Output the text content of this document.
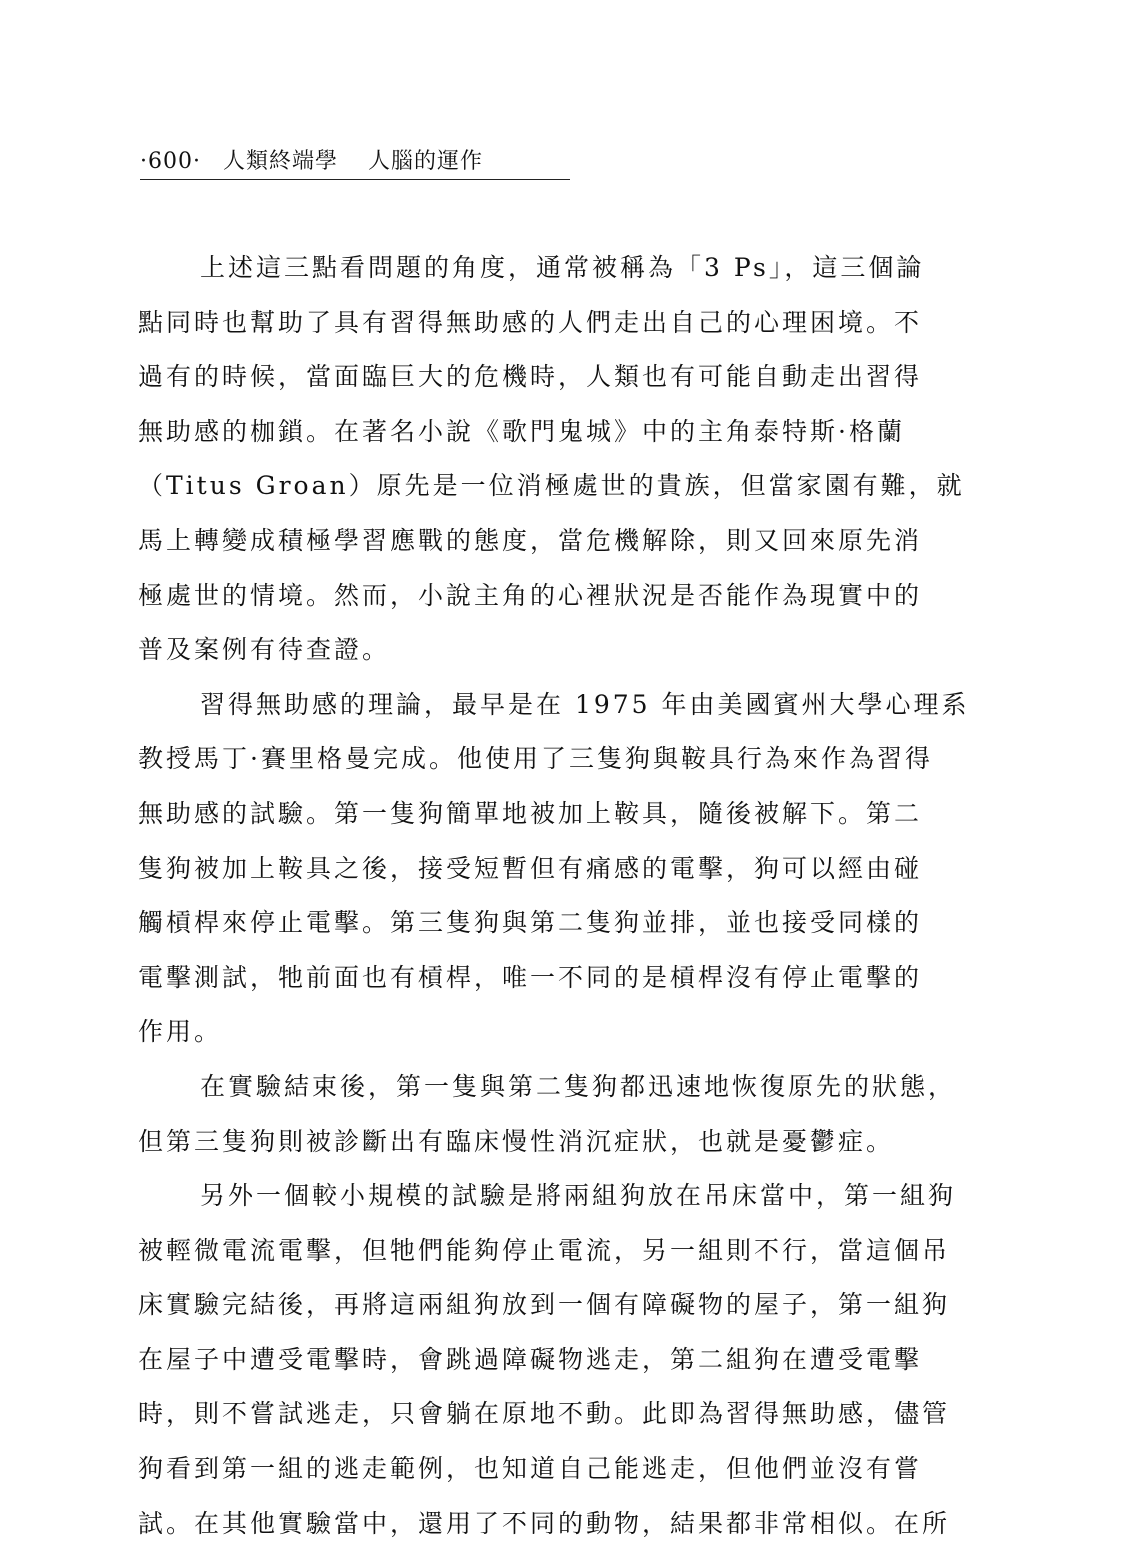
·600· 人類終端學 人腦的運作
上述這三點看問題的角度，通常被稱為「3 Ps」，這三個論
點同時也幫助了具有習得無助感的人們走出自己的心理困境。不
過有的時候，當面臨巨大的危機時，人類也有可能自動走出習得
無助感的枷鎖。在著名小說《歌門鬼城》中的主角泰特斯·格蘭
（Titus Groan）原先是一位消極處世的貴族，但當家園有難，就
馬上轉變成積極學習應戰的態度，當危機解除，則又回來原先消
極處世的情境。然而，小說主角的心裡狀況是否能作為現實中的
普及案例有待查證。
習得無助感的理論，最早是在 1975 年由美國賓州大學心理系
教授馬丁·賽里格曼完成。他使用了三隻狗與鞍具行為來作為習得
無助感的試驗。第一隻狗簡單地被加上鞍具，隨後被解下。第二
隻狗被加上鞍具之後，接受短暫但有痛感的電擊，狗可以經由碰
觸槓桿來停止電擊。第三隻狗與第二隻狗並排，並也接受同樣的
電擊測試，牠前面也有槓桿，唯一不同的是槓桿沒有停止電擊的
作用。
在實驗結束後，第一隻與第二隻狗都迅速地恢復原先的狀態，
但第三隻狗則被診斷出有臨床慢性消沉症狀，也就是憂鬱症。
另外一個較小規模的試驗是將兩組狗放在吊床當中，第一組狗
被輕微電流電擊，但牠們能夠停止電流，另一組則不行，當這個吊
床實驗完結後，再將這兩組狗放到一個有障礙物的屋子，第一組狗
在屋子中遭受電擊時，會跳過障礙物逃走，第二組狗在遭受電擊
時，則不嘗試逃走，只會躺在原地不動。此即為習得無助感，儘管
狗看到第一組的逃走範例，也知道自己能逃走，但他們並沒有嘗
試。在其他實驗當中，還用了不同的動物，結果都非常相似。在所
